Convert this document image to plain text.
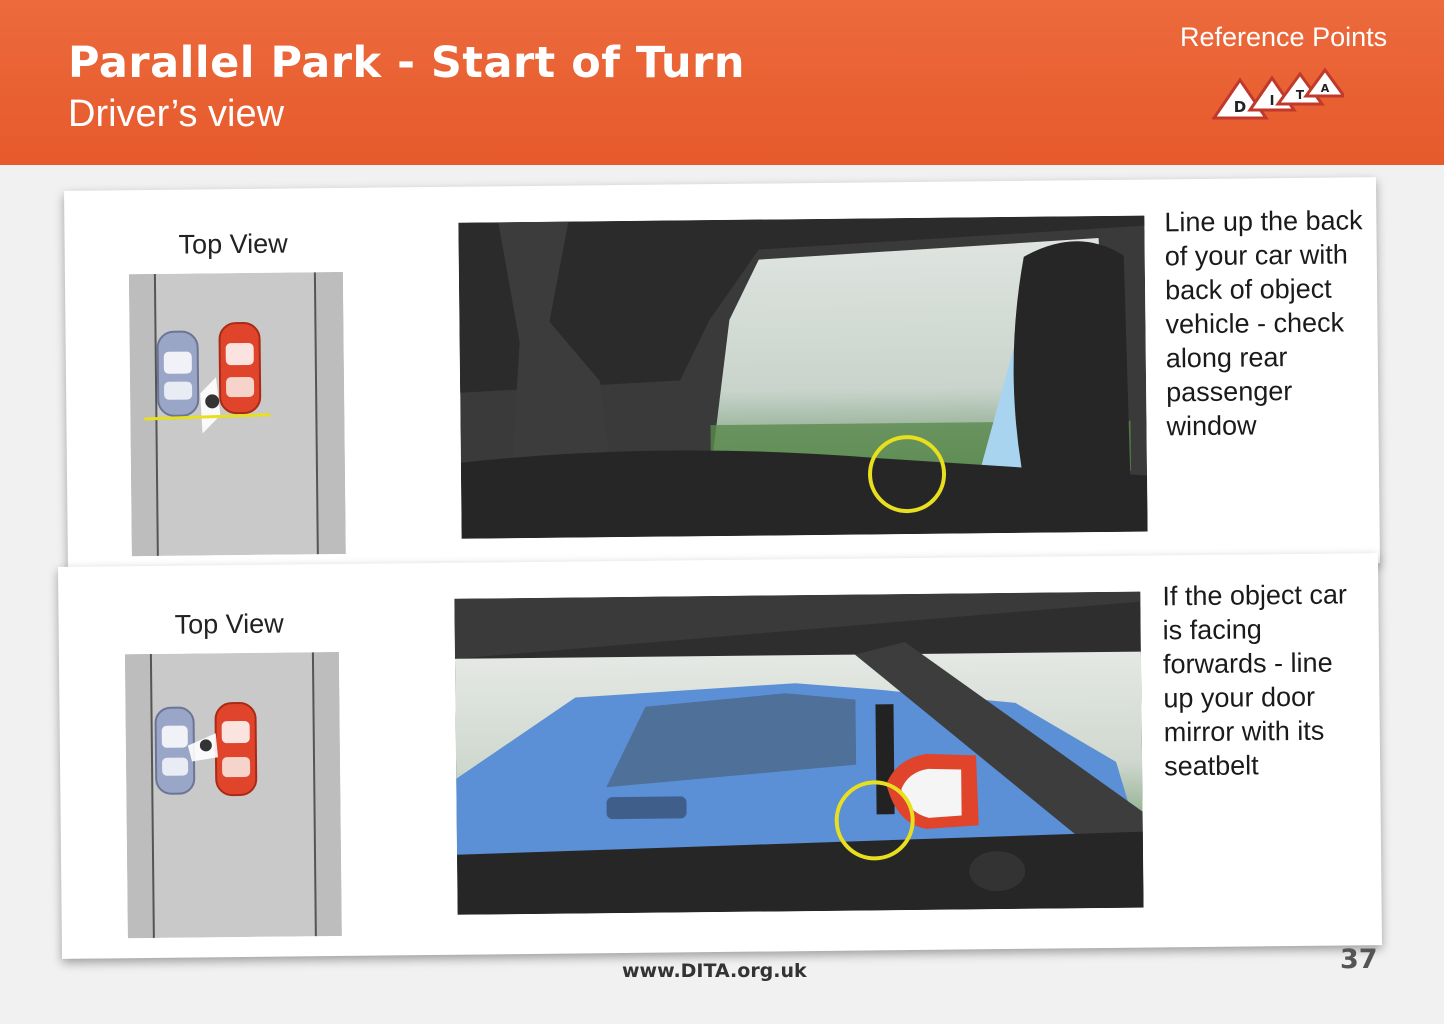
Parallel Park - Start of Turn
Driver’s view
Reference Points
D I T A
Top View
Line up the back of your car with back of object vehicle - check along rear passenger window
Top View
If the object car is facing forwards - line up your door mirror with its seatbelt
www.DITA.org.uk	37
